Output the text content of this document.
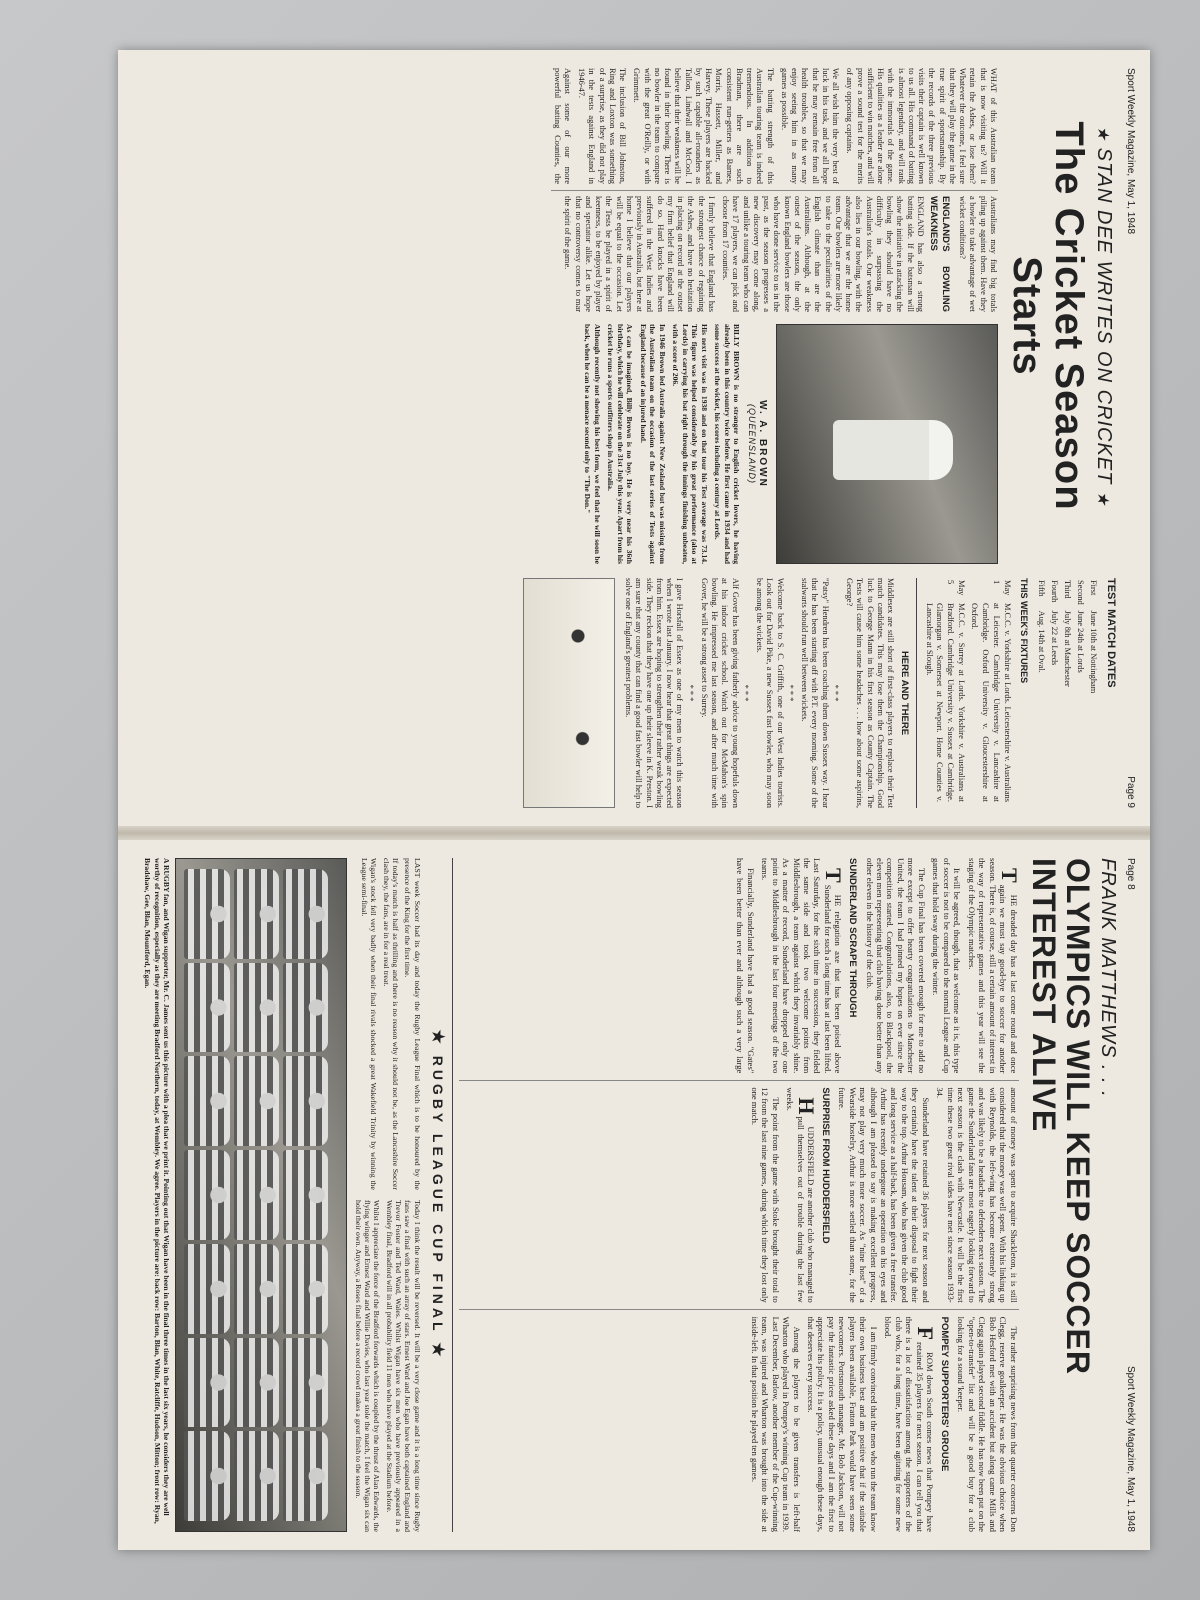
Page 8
Sport Weekly Magazine, May 1, 1948
FRANK MATTHEWS . . .
OLYMPICS WILL KEEP SOCCER INTEREST ALIVE

THE dreaded day has at last come round and once again we must say good-bye to soccer for another season. There is, of course, still a certain amount of interest in the way of representative games and this year will see the staging of the Olympic matches.

It will be agreed, though, that as welcome as it is, this type of soccer is not to be compared to the normal League and Cup games that hold sway during the winter.

The Cup Final has been covered enough for me to add no more except to offer hearty congratulations to Manchester United, the team I had pinned my hopes on ever since the competition started. Congratulations, also, to Blackpool, the eleven men representing that club having done better than any other eleven in the history of the club.

SUNDERLAND SCRAPE THROUGH

THE relegation axe that has been poised above Sunderland for such a long time has at last been lifted. Last Saturday, for the sixth time in succession, they fielded the same side and took two welcome points from Middlesbrough, a team against which they invariably shine. As a matter of record, Sunderland have dropped only one point to Middlesbrough in the last four meetings of the two teams.

Financially, Sunderland have had a good season. "Gates" have been better than ever and although such a very large amount of money was spent to acquire Shackleton, it is still considered that the money was well spent. With his linking up with Reynolds, the left-wing has become extremely strong and was likely to be a headache to defenders next season. The game the Sunderland fans are most eagerly looking forward to next season is the clash with Newcastle. It will be the first time these two great rival sides have met since season 1933-34.

Sunderland have retained 36 players for next season and they certainly have the talent at their disposal to fight their way to the top. Arthur Housam, who has given the club good and long service as a half-back, has been given a free transfer. Arthur has recently undergone an operation on his eyes and although I am pleased to say is making excellent progress, may not play very much more soccer. As "nine host" of a Wearside hostelry, Arthur is more settled than some, for the future.

SURPRISE FROM HUDDERSFIELD

HUDDERSFIELD are another club who managed to pull themselves out of trouble during the last few weeks.

The point from the game with Stoke brought their total to 12 from the last nine games, during which time they lost only one match.

The rather surprising news from that quarter concerns Don Clegg, reserve goalkeeper. He was the obvious choice when Bob Hesford met with an accident but along came Mills and Clegg again played second fiddle. He has now been put on the "open-to-transfer" list and will be a good buy for a club looking for a sound 'keeper.

POMPEY SUPPORTERS' GROUSE

FROM down South comes news that Pompey have retained 35 players for next season. I can tell you that there is a lot of dissatisfaction among the supporters of the club who, for a long time, have been agitating for some new blood.

I am firmly convinced that the men who run the team know their own business best and am positive that if the suitable players been available, Fratton Park would have seen some newcomers. Portsmouth manager, Mr. Bob Jackson, will not pay the fantastic prices asked these days and I am the first to appreciate his policy. It is a policy, unusual enough these days, that deserves every success.

Among the players to be given transfers is left-half Wharton who played in Pompey's winning Cup team in 1939. Last December, Barlow, another member of the Cup-winning team, was injured and Wharton was brought into the side at inside-left. In that position he played ten games.

★ RUGBY LEAGUE CUP FINAL ★

LAST week Soccer had its day and today the Rugby League Final which is to be honoured by the presence of the King for the first time.

If today's match is half as thrilling and there is no reason why it should not be, as the Lancashire Soccer clash they, the fans, are in for a real treat.

Wigan's stock fell very badly when their final rivals shocked a great Wakefield Trinity by winning the League semi-final.

Today I think the result will be reversed. It will be a very close game and it is a long time since Rugby fans saw a final with such an array of stars. Ernest Ward and Joe Egan have both captained England and Trevor Foster and Ted Ward, Wales. Whilst Wigan have six men who have previously appeared in a Wembley final, Bradford will in all probability field 11 men who have played at the Stadium before.

Whilst I appreciate the force of the Bradford forwards which is coupled by the thrust of Alan Edwards, the flying winger and Ernest Ward and Willie Davies, who last year stole the match, I feel the Wigan six can hold their own. Anyway, a Roses final before a record crowd makes a great finish to the season.

A RUGBY fan, and Wigan supporter, Mr. C. James sent us this picture with a plea that we print it. Pointing out that Wigan have been in the final three times in the last six years, he considers they are well worthy of recognition, especially as they are meeting Bradford Northern, today, at Wembley. We agree. Players in the picture are: back row: Barton, Blan, White, Ratcliffe, Hudson, Mitton; front row: Ryan, Bradshaw, Gee, Blan, Mountford, Egan.
Sport Weekly Magazine, May 1, 1948
Page 9
★ STAN DEE WRITES ON CRICKET ★
The Cricket Season Starts

WHAT of this Australian team that is now visiting us? Will it retain the Ashes, or lose them? Whatever the outcome, I feel sure that they will play the game in the true spirit of sportsmanship. By the records of the three previous visits their captain is well known to us all. His command of batting is almost legendary, and will rank with the immortals of the game. His qualities as a leader are alone sufficient to win matches, and will prove a sound test for the merits of any opposing captains.

We all wish him the very best of luck in his task, and we all hope that he may remain free from all health troubles, so that we may enjoy seeing him in as many games as possible.

The batting strength of this Australian touring team is indeed tremendous. In addition to Bradman, there are such consistent run-getters as Barnes, Morris, Hassett, Miller, and Harvey. These players are backed by such capable all-rounders as Tallon, Lindwall and McCool. I believe that their weakness will be found in their bowling. There is no bowler in the team to compare with the great O'Reilly, or with Grimmett.

The inclusion of Bill Johnston, Ring and Loxton was something of a surprise, as they did not play in the tests against England in 1946-47.

Against some of our more powerful batting Counties, the Australians may find big totals piling up against them. Have they a bowler to take advantage of wet wicket conditions?

ENGLAND'S BOWLING WEAKNESS

ENGLAND has also a strong batting side. If the batsman will show the initiative in attacking the bowling they should have no difficulty in surpassing the Australian's totals. Our weakness also lies in our bowling, with the advantage that we are the home team. Our bowlers are more likely to take to the peculiarities of the English climate than are the Australians. Although, at the outset of the season, the only known England bowlers are those who have done service to us in the past, as the season progresses a new discovery may come along, and unlike a touring team who can have 17 players, we can pick and choose from 17 counties.

I firmly believe that England has the strongest chance of regaining the Ashes, and have no hesitation in placing on record at the outset my firm belief that England will do so. Hard knocks have been suffered in the West Indies and previously in Australia, but here at home I believe that our players will be equal to the occasion. Let the Tests be played in a spirit of keenness, to be enjoyed by player and spectator alike. Let us hope that no controversy comes to mar the spirit of the game.

W. A. BROWN
(QUEENSLAND)

BILLY BROWN is no stranger to English cricket lovers, he having already been in this country twice before. He first came in 1934 and had some success at the wicket, his scores including a century at Lords.

His next visit was in 1938 and on that tour his Test average was 73.14. This figure was helped considerably by his great performance (also at Lords) in carrying his bat right through the innings finishing unbeaten, with a score of 206.

In 1946 Brown led Australia against New Zealand but was missing from the Australian team on the occasion of the last series of Tests against England because of an injured hand.

As can be imagined, Billy Brown is no boy. He is very near his 36th birthday, which he will celebrate on the 31st July this year. Apart from his cricket he runs a sports outfitters shop in Australia.

Although recently not showing his best form, we feel that he will soon be back, when he can be a menace second only to "The Don."

TEST MATCH DATES
First	June 10th at Nottingham
Second	June 24th at Lords
Third	July 8th at Manchester
Fourth	July 22 at Leeds
Fifth	Aug. 14th at Oval.
THIS WEEK'S FIXTURES
May 1	M.C.C. v. Yorkshire at Lords. Leicestershire v. Australians at Leicester. Cambridge University v. Lancashire at Cambridge. Oxford University v. Gloucestershire at Oxford.
May 5	M.C.C. v. Surrey at Lords. Yorkshire v. Australians at Bradford. Cambridge University v. Sussex at Cambridge. Glamorgan v. Somerset at Newport. Home Counties v. Lancashire at Slough.
HERE AND THERE

Middlesex are still short of first-class players to replace their Test match candidates. This may lose them the Championship. Good luck to George Mann in his first season as County Captain. The Tests will cause him some headaches . . . how about some aspirins, George?

* * *

"Patsy" Hendren has been coaching them down Sussex way. I hear that he has been starting off with P.T. every morning. Some of the stalwarts should run well between wickets.

* * *

Welcome back to S. C. Griffith, one of our West Indies tourists. Look out for David Pike, a new Sussex fast bowler, who may soon be among the wickets.

* * *

Alf Gover has been giving fatherly advice to young hopefuls down at his indoor cricket school. Watch out for McMahon's spin bowling. He impressed me last season, and after much time with Gover, he will be a strong asset to Surrey.

* * *

I gave Horsfall of Essex as one of my men to watch this season when I wrote last January. I now hear that great things are expected from him. Essex are hoping to strengthen their rather weak bowling side. They reckon that they have one up their sleeve in K. Preston. I am sure that any county that can find a good fast bowler will help to solve one of England's greatest problems.
